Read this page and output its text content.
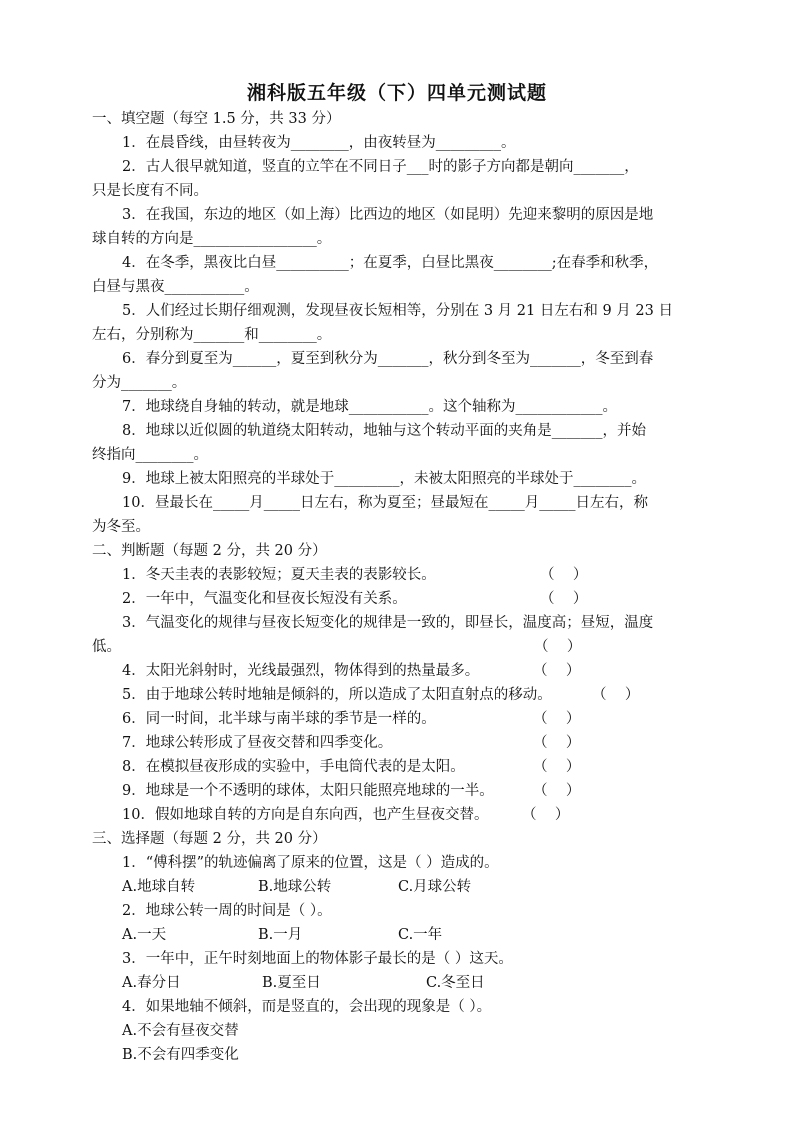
湘科版五年级（下）四单元测试题
一、填空题（每空 1.5 分，共 33 分）
1．在晨昏线，由昼转夜为________，由夜转昼为_________。
2．古人很早就知道，竖直的立竿在不同日子___时的影子方向都是朝向_______，
只是长度有不同。
3．在我国，东边的地区（如上海）比西边的地区（如昆明）先迎来黎明的原因是地
球自转的方向是_________________。
4．在冬季，黑夜比白昼__________；在夏季，白昼比黑夜________;在春季和秋季，
白昼与黑夜___________。
5．人们经过长期仔细观测，发现昼夜长短相等，分别在 3 月 21 日左右和 9 月 23 日
左右，分别称为_______和________。
6．春分到夏至为______，夏至到秋分为_______，秋分到冬至为_______，冬至到春
分为_______。
7．地球绕自身轴的转动，就是地球___________。这个轴称为____________。
8．地球以近似圆的轨道绕太阳转动，地轴与这个转动平面的夹角是_______，并始
终指向________。
9．地球上被太阳照亮的半球处于_________，未被太阳照亮的半球处于________。
10．昼最长在_____月_____日左右，称为夏至；昼最短在_____月_____日左右，称
为冬至。
二、判断题（每题 2 分，共 20 分）
1．冬天圭表的表影较短；夏天圭表的表影较长。	（    ）
2．一年中，气温变化和昼夜长短没有关系。	（    ）
3．气温变化的规律与昼夜长短变化的规律是一致的，即昼长，温度高；昼短，温度
低。	（    ）
4．太阳光斜射时，光线最强烈，物体得到的热量最多。	（    ）
5．由于地球公转时地轴是倾斜的，所以造成了太阳直射点的移动。	（    ）
6．同一时间，北半球与南半球的季节是一样的。	（    ）
7．地球公转形成了昼夜交替和四季变化。	（    ）
8．在模拟昼夜形成的实验中，手电筒代表的是太阳。	（    ）
9．地球是一个不透明的球体，太阳只能照亮地球的一半。	（    ）
10．假如地球自转的方向是自东向西，也产生昼夜交替。	（    ）
三、选择题（每题 2 分，共 20 分）
1．“傅科摆”的轨迹偏离了原来的位置，这是（ ）造成的。
A.地球自转	B.地球公转	C.月球公转
2．地球公转一周的时间是（ ）。
A.一天	B.一月	C.一年
3．一年中，正午时刻地面上的物体影子最长的是（ ）这天。
A.春分日	B.夏至日	C.冬至日
4．如果地轴不倾斜，而是竖直的，会出现的现象是（ ）。
A.不会有昼夜交替
B.不会有四季变化
